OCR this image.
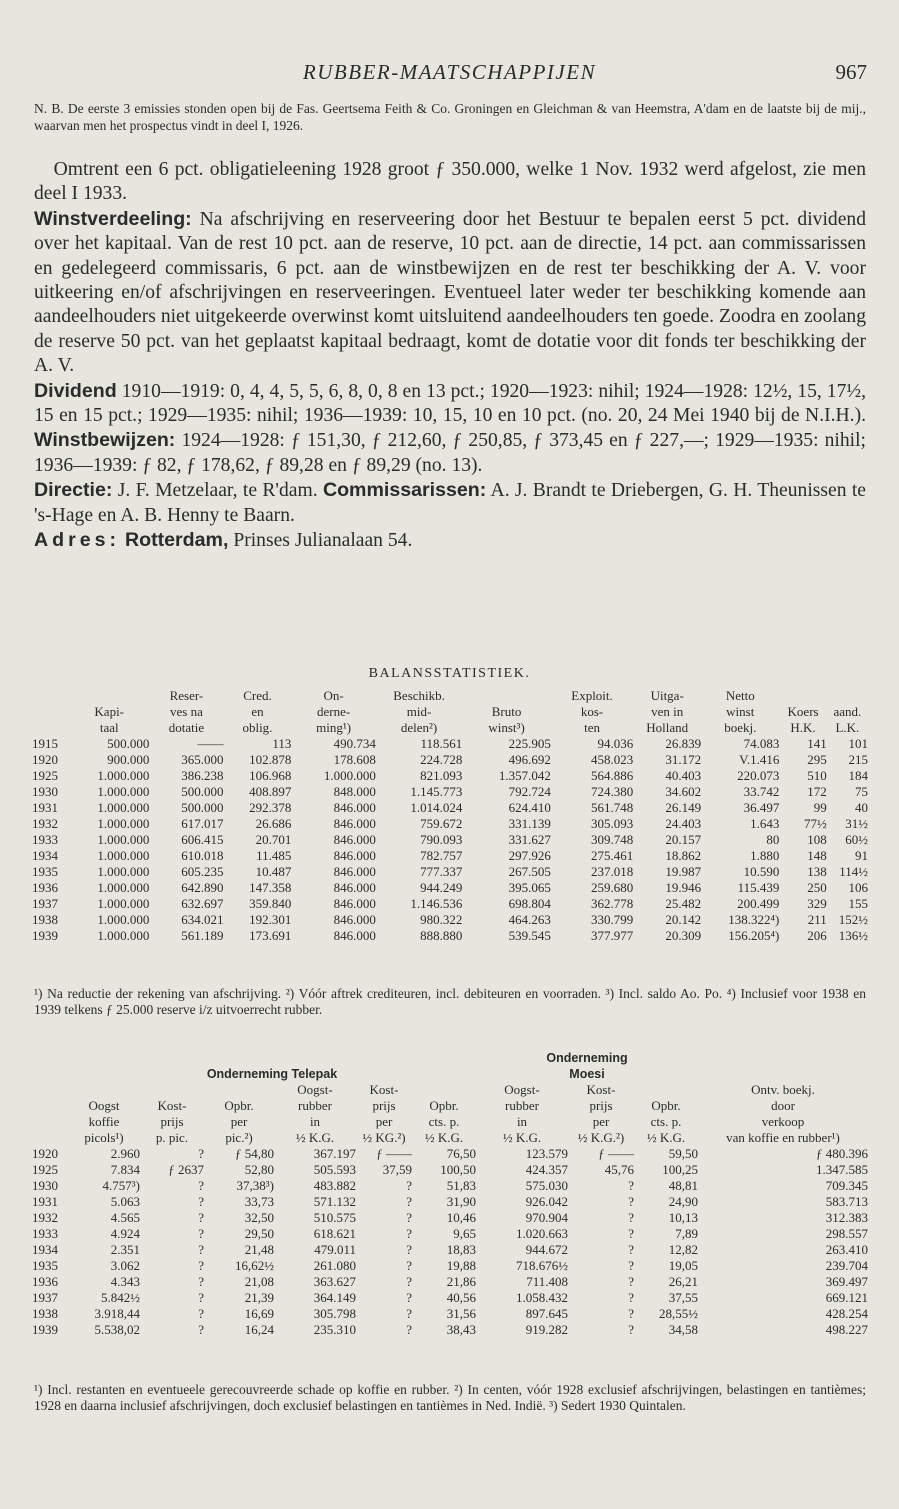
RUBBER-MAATSCHAPPIJEN	967
N. B. De eerste 3 emissies stonden open bij de Fas. Geertsema Feith & Co. Groningen en Gleichman & van Heemstra, A'dam en de laatste bij de mij., waarvan men het prospectus vindt in deel I, 1926.

 Omtrent een 6 pct. obligatieleening 1928 groot ƒ 350.000, welke 1 Nov. 1932 werd afgelost, zie men deel I 1933.

Winstverdeeling: Na afschrijving en reserveering door het Bestuur te bepalen eerst 5 pct. dividend over het kapitaal. Van de rest 10 pct. aan de reserve, 10 pct. aan de directie, 14 pct. aan commissarissen en gedelegeerd commissaris, 6 pct. aan de winstbewijzen en de rest ter beschikking der A. V. voor uitkeering en/of afschrijvingen en reserveeringen. Eventueel later weder ter beschikking komende aan aandeelhouders niet uitgekeerde overwinst komt uitsluitend aandeelhouders ten goede. Zoodra en zoolang de reserve 50 pct. van het geplaatst kapitaal bedraagt, komt de dotatie voor dit fonds ter beschikking der A. V.

Dividend 1910—1919: 0, 4, 4, 5, 5, 6, 8, 0, 8 en 13 pct.; 1920—1923: nihil; 1924—1928: 12½, 15, 17½, 15 en 15 pct.; 1929—1935: nihil; 1936—1939: 10, 15, 10 en 10 pct. (no. 20, 24 Mei 1940 bij de N.I.H.). Winstbewijzen: 1924—1928: ƒ 151,30, ƒ 212,60, ƒ 250,85, ƒ 373,45 en ƒ 227,—; 1929—1935: nihil; 1936—1939: ƒ 82, ƒ 178,62, ƒ 89,28 en ƒ 89,29 (no. 13).

Directie: J. F. Metzelaar, te R'dam. Commissarissen: A. J. Brandt te Driebergen, G. H. Theunissen te 's-Hage en A. B. Henny te Baarn.

Adres: Rotterdam, Prinses Julianalaan 54.

BALANSSTATISTIEK.
		Reser-	Cred.	On-	Beschikb.		Exploit.	Uitga-	Netto		
	Kapi-	ves na	en	derne-	mid-	Bruto	kos-	ven in	winst	Koers	aand.
	taal	dotatie	oblig.	ming¹)	delen²)	winst³)	ten	Holland	boekj.	H.K.	L.K.
1915	500.000	——	113	490.734	118.561	225.905	94.036	26.839	74.083	141	101
1920	900.000	365.000	102.878	178.608	224.728	496.692	458.023	31.172	V.1.416	295	215
1925	1.000.000	386.238	106.968	1.000.000	821.093	1.357.042	564.886	40.403	220.073	510	184
1930	1.000.000	500.000	408.897	848.000	1.145.773	792.724	724.380	34.602	33.742	172	75
1931	1.000.000	500.000	292.378	846.000	1.014.024	624.410	561.748	26.149	36.497	99	40
1932	1.000.000	617.017	26.686	846.000	759.672	331.139	305.093	24.403	1.643	77½	31½
1933	1.000.000	606.415	20.701	846.000	790.093	331.627	309.748	20.157	80	108	60½
1934	1.000.000	610.018	11.485	846.000	782.757	297.926	275.461	18.862	1.880	148	91
1935	1.000.000	605.235	10.487	846.000	777.337	267.505	237.018	19.987	10.590	138	114½
1936	1.000.000	642.890	147.358	846.000	944.249	395.065	259.680	19.946	115.439	250	106
1937	1.000.000	632.697	359.840	846.000	1.146.536	698.804	362.778	25.482	200.499	329	155
1938	1.000.000	634.021	192.301	846.000	980.322	464.263	330.799	20.142	138.322⁴)	211	152½
1939	1.000.000	561.189	173.691	846.000	888.880	539.545	377.977	20.309	156.205⁴)	206	136½
¹) Na reductie der rekening van afschrijving. ²) Vóór aftrek crediteuren, incl. debiteuren en voorraden. ³) Incl. saldo Ao. Po. ⁴) Inclusief voor 1938 en 1939 telkens ƒ 25.000 reserve i/z uitvoerrecht rubber.
							Onderneming			
	Onderneming Telepak						Moesi			
				Oogst-	Kost-		Oogst-	Kost-		Ontv. boekj.
	Oogst	Kost-	Opbr.	rubber	prijs	Opbr.	rubber	prijs	Opbr.	door
	koffie	prijs	per	in	per	cts. p.	in	per	cts. p.	verkoop
	picols¹)	p. pic.	pic.²)	½ K.G.	½ KG.²)	½ K.G.	½ K.G.	½ K.G.²)	½ K.G.	van koffie en rubber¹)
1920	2.960	?	ƒ 54,80	367.197	ƒ ——	76,50	123.579	ƒ ——	59,50	ƒ 480.396
1925	7.834	ƒ 2637	52,80	505.593	37,59	100,50	424.357	45,76	100,25	1.347.585
1930	4.757³)	?	37,38³)	483.882	?	51,83	575.030	?	48,81	709.345
1931	5.063	?	33,73	571.132	?	31,90	926.042	?	24,90	583.713
1932	4.565	?	32,50	510.575	?	10,46	970.904	?	10,13	312.383
1933	4.924	?	29,50	618.621	?	9,65	1.020.663	?	7,89	298.557
1934	2.351	?	21,48	479.011	?	18,83	944.672	?	12,82	263.410
1935	3.062	?	16,62½	261.080	?	19,88	718.676½	?	19,05	239.704
1936	4.343	?	21,08	363.627	?	21,86	711.408	?	26,21	369.497
1937	5.842½	?	21,39	364.149	?	40,56	1.058.432	?	37,55	669.121
1938	3.918,44	?	16,69	305.798	?	31,56	897.645	?	28,55½	428.254
1939	5.538,02	?	16,24	235.310	?	38,43	919.282	?	34,58	498.227
¹) Incl. restanten en eventueele gerecouvreerde schade op koffie en rubber. ²) In centen, vóór 1928 exclusief afschrijvingen, belastingen en tantièmes; 1928 en daarna inclusief afschrijvingen, doch exclusief belastingen en tantièmes in Ned. Indië. ³) Sedert 1930 Quintalen.
